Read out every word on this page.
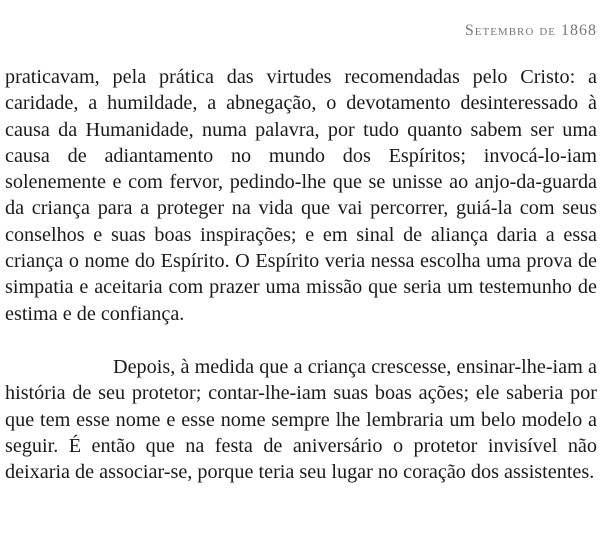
Setembro de 1868

praticavam, pela prática das virtudes recomendadas pelo Cristo: a caridade, a humildade, a abnegação, o devotamento desinteressado à causa da Humanidade, numa palavra, por tudo quanto sabem ser uma causa de adiantamento no mundo dos Espíritos; invocá-lo-iam solenemente e com fervor, pedindo-lhe que se unisse ao anjo-da-guarda da criança para a proteger na vida que vai percorrer, guiá-la com seus conselhos e suas boas inspirações; e em sinal de aliança daria a essa criança o nome do Espírito. O Espírito veria nessa escolha uma prova de simpatia e aceitaria com prazer uma missão que seria um testemunho de estima e de confiança.

Depois, à medida que a criança crescesse, ensinar-lhe-iam a história de seu protetor; contar-lhe-iam suas boas ações; ele saberia por que tem esse nome e esse nome sempre lhe lembraria um belo modelo a seguir. É então que na festa de aniversário o protetor invisível não deixaria de associar-se, porque teria seu lugar no coração dos assistentes.
